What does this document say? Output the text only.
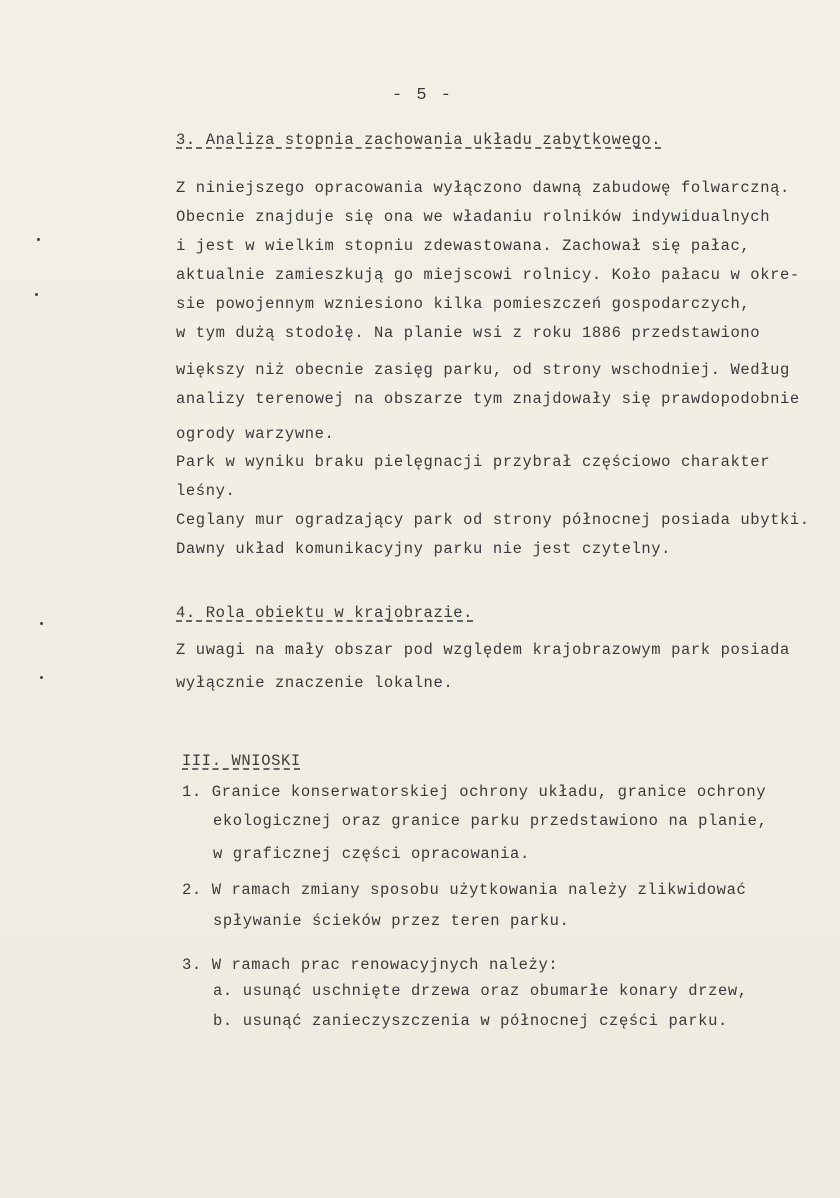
- 5 -
3. Analiza stopnia zachowania układu zabytkowego.
Z niniejszego opracowania wyłączono dawną zabudowę folwarczną.
Obecnie znajduje się ona we władaniu rolników indywidualnych
i jest w wielkim stopniu zdewastowana. Zachował się pałac,
aktualnie zamieszkują go miejscowi rolnicy. Koło pałacu w okre-
sie powojennym wzniesiono kilka pomieszczeń gospodarczych,
w tym dużą stodołę. Na planie wsi z roku 1886 przedstawiono
większy niż obecnie zasięg parku, od strony wschodniej. Według
analizy terenowej na obszarze tym znajdowały się prawdopodobnie
ogrody warzywne.
Park w wyniku braku pielęgnacji przybrał częściowo charakter
leśny.
Ceglany mur ogradzający park od strony północnej posiada ubytki.
Dawny układ komunikacyjny parku nie jest czytelny.
4. Rola obiektu w krajobrazie.
Z uwagi na mały obszar pod względem krajobrazowym park posiada
wyłącznie znaczenie lokalne.
III. WNIOSKI
1. Granice konserwatorskiej ochrony układu, granice ochrony
ekologicznej oraz granice parku przedstawiono na planie,
w graficznej części opracowania.
2. W ramach zmiany sposobu użytkowania należy zlikwidować
spływanie ścieków przez teren parku.
3. W ramach prac renowacyjnych należy:
a. usunąć uschnięte drzewa oraz obumarłe konary drzew,
b. usunąć zanieczyszczenia w północnej części parku.
